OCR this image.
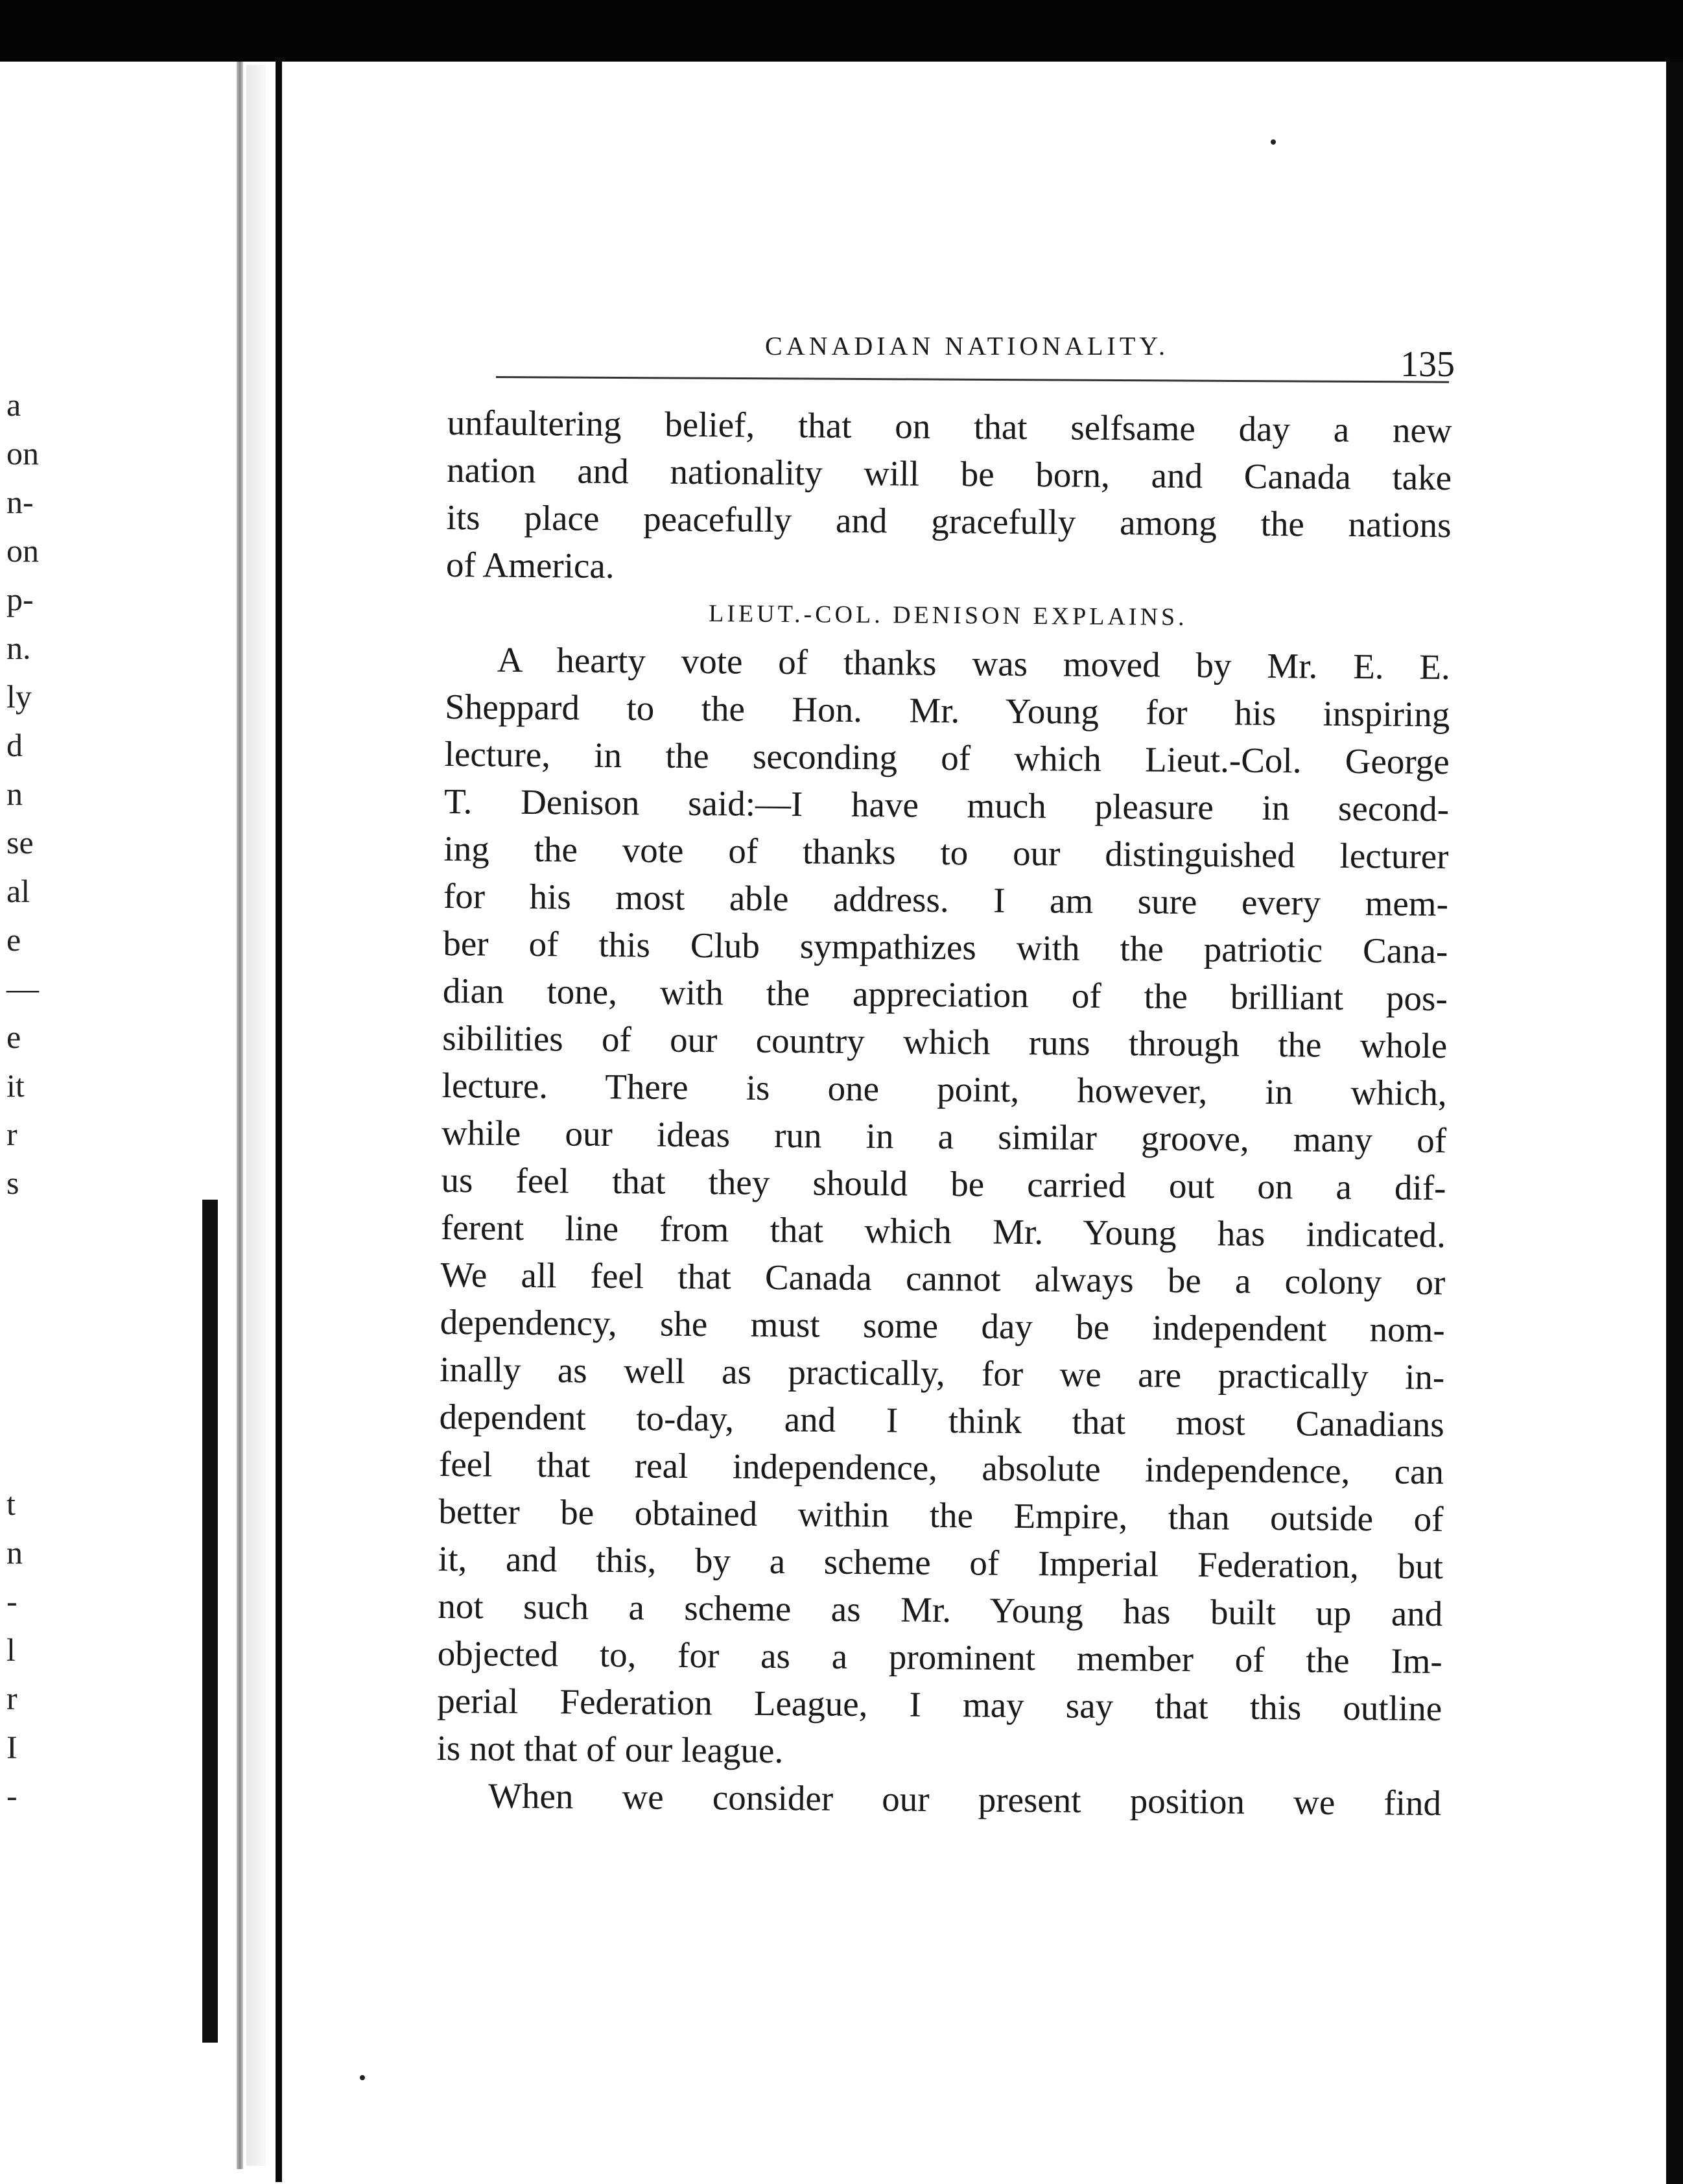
a
on
n-
on
p-
n.
ly
d
n
se
al
e
—
e
it
r
s
t
n
-
l
r
I
-
CANADIAN NATIONALITY.	135
unfaultering belief, that on that selfsame day a new
nation and nationality will be born, and Canada take
its place peacefully and gracefully among the nations
of America.
LIEUT.-COL. DENISON EXPLAINS.
A hearty vote of thanks was moved by Mr. E. E.
Sheppard to the Hon. Mr. Young for his inspiring
lecture, in the seconding of which Lieut.-Col. George
T. Denison said:—I have much pleasure in second-
ing the vote of thanks to our distinguished lecturer
for his most able address. I am sure every mem-
ber of this Club sympathizes with the patriotic Cana-
dian tone, with the appreciation of the brilliant pos-
sibilities of our country which runs through the whole
lecture. There is one point, however, in which,
while our ideas run in a similar groove, many of
us feel that they should be carried out on a dif-
ferent line from that which Mr. Young has indicated.
We all feel that Canada cannot always be a colony or
dependency, she must some day be independent nom-
inally as well as practically, for we are practically in-
dependent to-day, and I think that most Canadians
feel that real independence, absolute independence, can
better be obtained within the Empire, than outside of
it, and this, by a scheme of Imperial Federation, but
not such a scheme as Mr. Young has built up and
objected to, for as a prominent member of the Im-
perial Federation League, I may say that this outline
is not that of our league.
When we consider our present position we find
